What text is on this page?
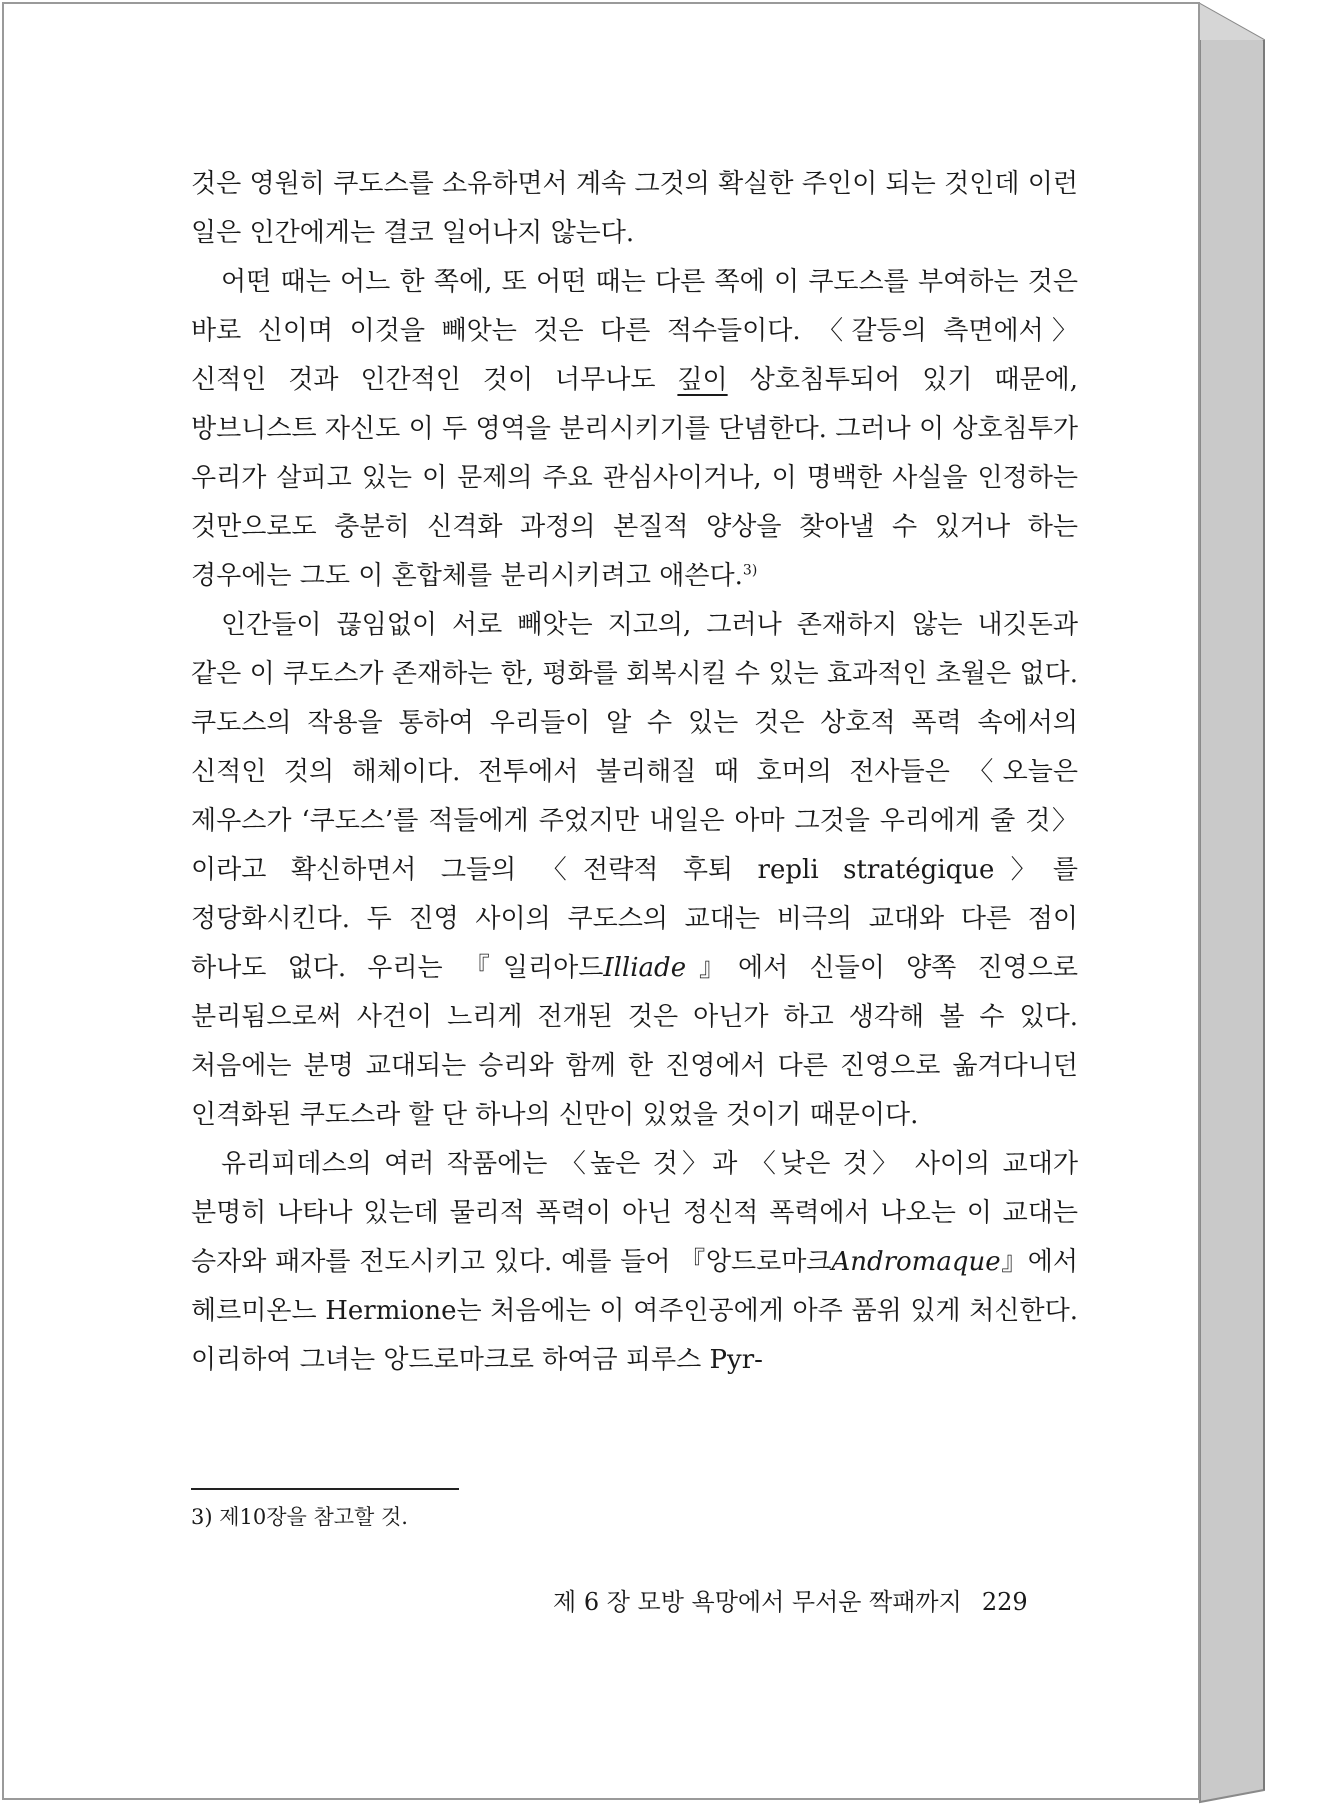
것은 영원히 쿠도스를 소유하면서 계속 그것의 확실한 주인이 되는 것인데 이런 일은 인간에게는 결코 일어나지 않는다.

어떤 때는 어느 한 쪽에, 또 어떤 때는 다른 쪽에 이 쿠도스를 부여하는 것은 바로 신이며 이것을 빼앗는 것은 다른 적수들이다. 〈갈등의 측면에서〉 신적인 것과 인간적인 것이 너무나도 깊이 상호침투되어 있기 때문에, 방브니스트 자신도 이 두 영역을 분리시키기를 단념한다. 그러나 이 상호침투가 우리가 살피고 있는 이 문제의 주요 관심사이거나, 이 명백한 사실을 인정하는 것만으로도 충분히 신격화 과정의 본질적 양상을 찾아낼 수 있거나 하는 경우에는 그도 이 혼합체를 분리시키려고 애쓴다.$^{3)}$

인간들이 끊임없이 서로 빼앗는 지고의, 그러나 존재하지 않는 내깃돈과 같은 이 쿠도스가 존재하는 한, 평화를 회복시킬 수 있는 효과적인 초월은 없다. 쿠도스의 작용을 통하여 우리들이 알 수 있는 것은 상호적 폭력 속에서의 신적인 것의 해체이다. 전투에서 불리해질 때 호머의 전사들은 〈오늘은 제우스가 ‘쿠도스’를 적들에게 주었지만 내일은 아마 그것을 우리에게 줄 것〉이라고 확신하면서 그들의 〈전략적 후퇴 repli stratégique〉를 정당화시킨다. 두 진영 사이의 쿠도스의 교대는 비극의 교대와 다른 점이 하나도 없다. 우리는 『일리아드Illiade』에서 신들이 양쪽 진영으로 분리됨으로써 사건이 느리게 전개된 것은 아닌가 하고 생각해 볼 수 있다. 처음에는 분명 교대되는 승리와 함께 한 진영에서 다른 진영으로 옮겨다니던 인격화된 쿠도스라 할 단 하나의 신만이 있었을 것이기 때문이다.

유리피데스의 여러 작품에는 〈높은 것〉과 〈낮은 것〉 사이의 교대가 분명히 나타나 있는데 물리적 폭력이 아닌 정신적 폭력에서 나오는 이 교대는 승자와 패자를 전도시키고 있다. 예를 들어 『앙드로마크Andromaque』에서 헤르미온느 Hermione는 처음에는 이 여주인공에게 아주 품위 있게 처신한다. 이리하여 그녀는 앙드로마크로 하여금 피루스 Pyr-

3) 제10장을 참고할 것.
제 6 장 모방 욕망에서 무서운 짝패까지 229
